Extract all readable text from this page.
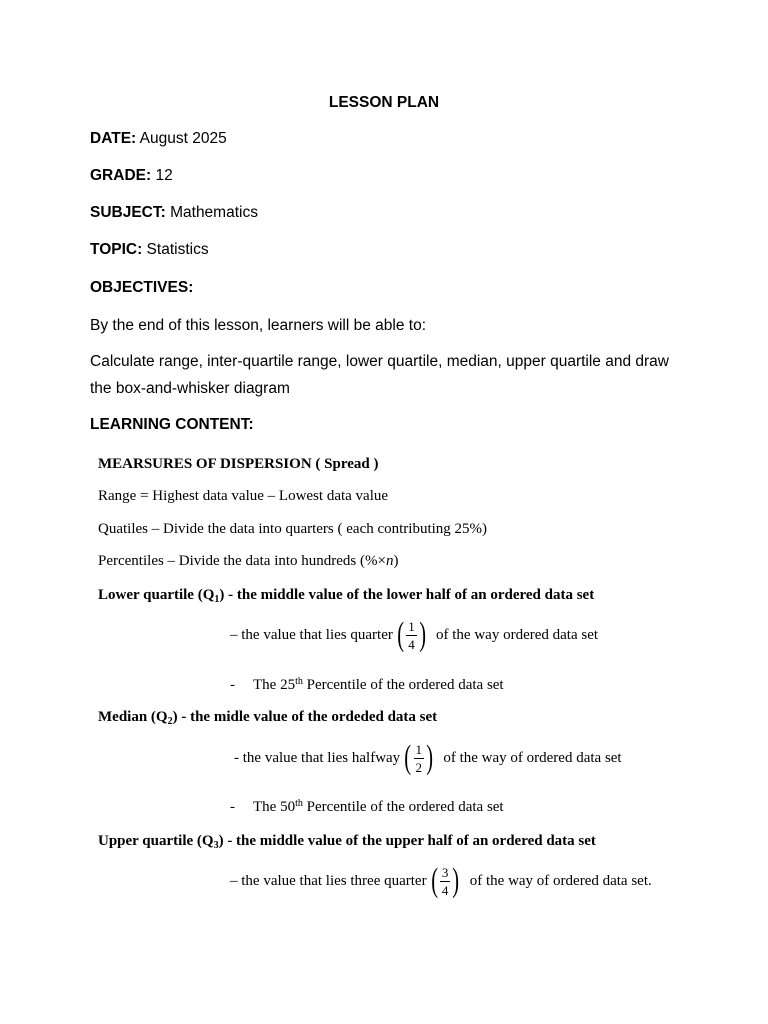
LESSON PLAN
DATE: August 2025
GRADE: 12
SUBJECT: Mathematics
TOPIC: Statistics
OBJECTIVES:
By the end of this lesson, learners will be able to:
Calculate range, inter-quartile range, lower quartile, median, upper quartile and draw
the box-and-whisker diagram
LEARNING CONTENT:
MEARSURES OF DISPERSION ( Spread )
Range = Highest data value – Lowest data value
Quatiles – Divide the data into quarters ( each contributing 25%)
Percentiles – Divide the data into hundreds (%×n)
Lower quartile $(Q_1)$ - the middle value of the lower half of an ordered data set
– the value that lies quarter ( $\frac{1}{4}$ ) of the way ordered data set
- The 25th Percentile of the ordered data set
Median $(Q_2)$ - the midle value of the ordeded data set
- the value that lies halfway ( $\frac{1}{2}$ ) of the way of ordered data set
- The 50th Percentile of the ordered data set
Upper quartile $(Q_3)$ - the middle value of the upper half of an ordered data set
– the value that lies three quarter ( $\frac{3}{4}$ ) of the way of ordered data set.
